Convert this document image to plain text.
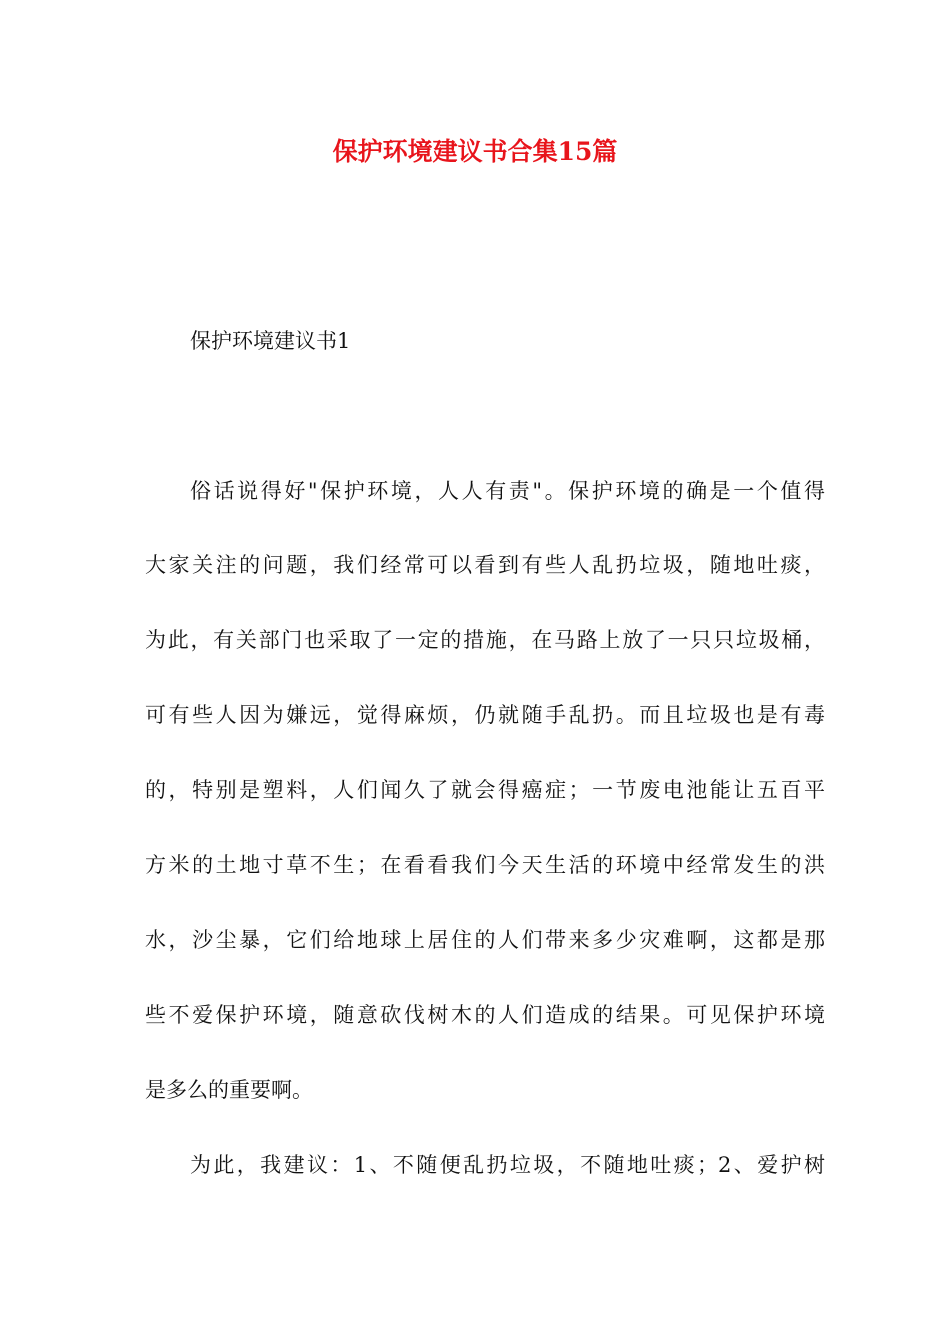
保护环境建议书合集15篇

保护环境建议书1

俗话说得好"保护环境，人人有责"。保护环境的确是一个值得

大家关注的问题，我们经常可以看到有些人乱扔垃圾，随地吐痰，

为此，有关部门也采取了一定的措施，在马路上放了一只只垃圾桶，

可有些人因为嫌远，觉得麻烦，仍就随手乱扔。而且垃圾也是有毒

的，特别是塑料，人们闻久了就会得癌症；一节废电池能让五百平

方米的土地寸草不生；在看看我们今天生活的环境中经常发生的洪

水，沙尘暴，它们给地球上居住的人们带来多少灾难啊，这都是那

些不爱保护环境，随意砍伐树木的人们造成的结果。可见保护环境

是多么的重要啊。

为此，我建议：1、不随便乱扔垃圾，不随地吐痰；2、爱护树
